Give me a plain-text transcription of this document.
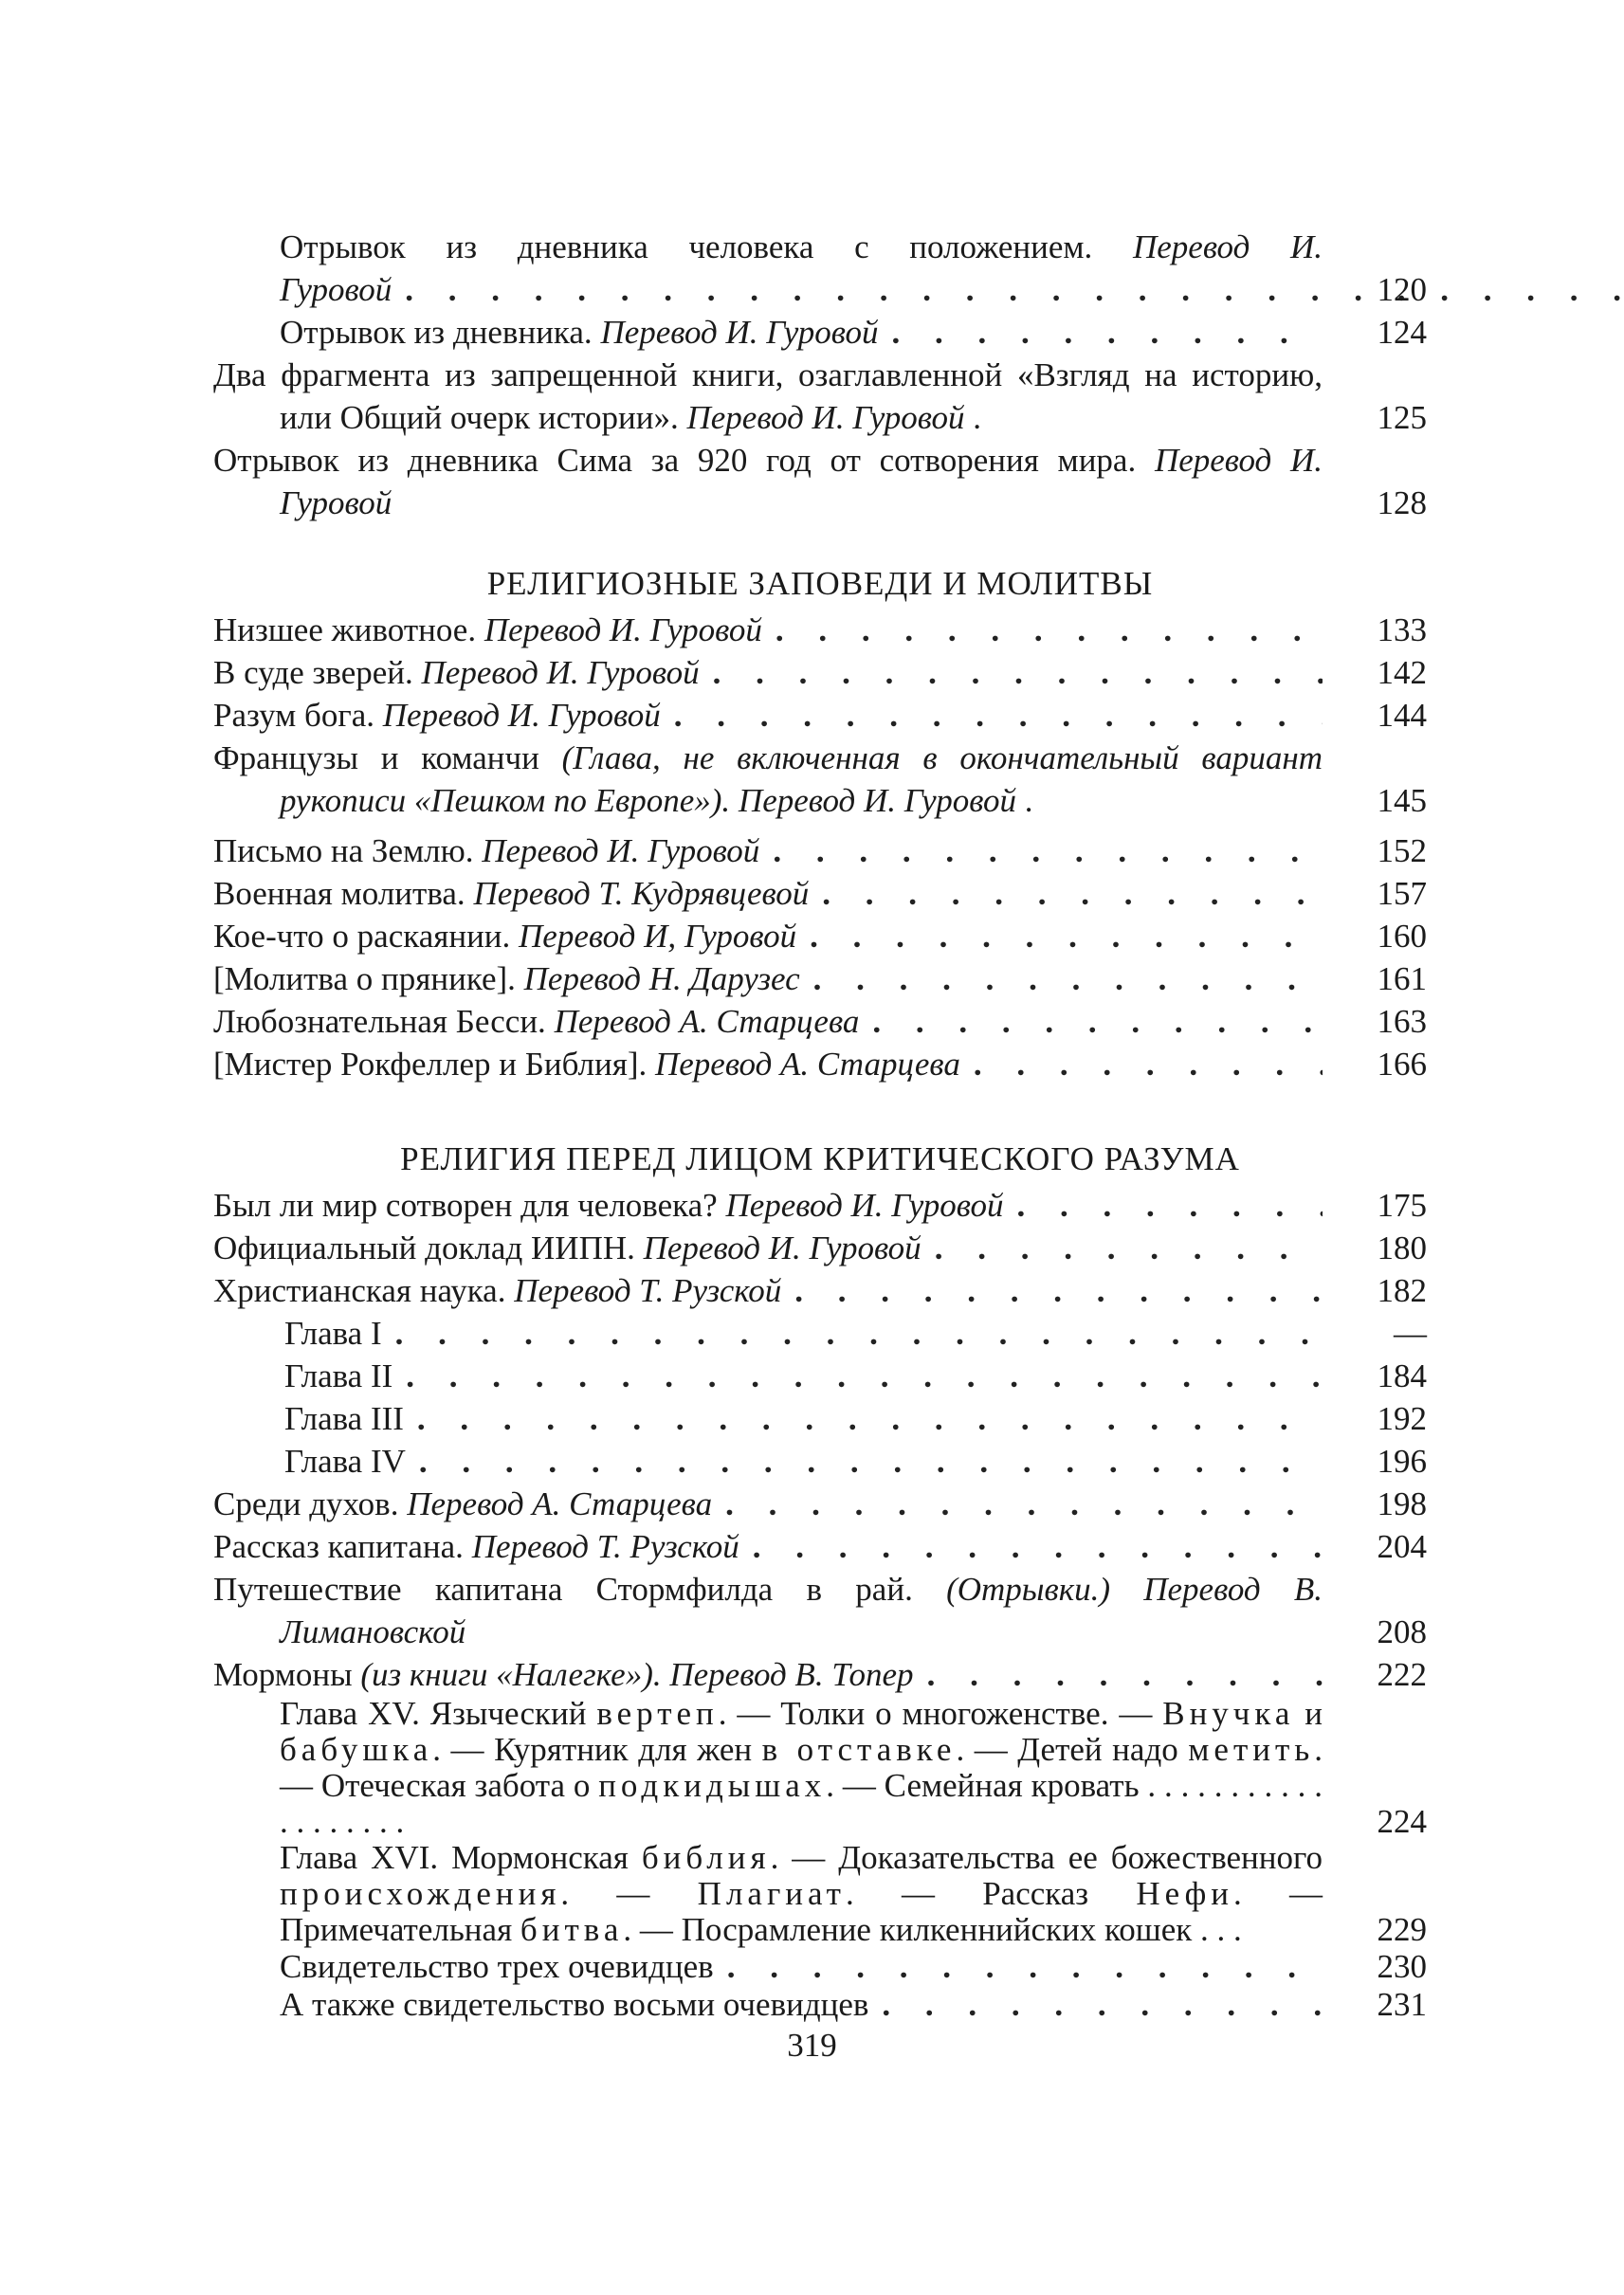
Отрывок из дневника человека с положением. Перевод И. Гуровой . . .	120
Отрывок из дневника. Перевод И. Гуровой . . .	124
Два фрагмента из запрещенной книги, озаглавленной «Взгляд на историю, или Общий очерк истории». Перевод И. Гуровой .	125
Отрывок из дневника Сима за 920 год от сотворения мира. Перевод И. Гуровой	128

РЕЛИГИОЗНЫЕ ЗАПОВЕДИ И МОЛИТВЫ

Низшее животное. Перевод И. Гуровой . . .	133
В суде зверей. Перевод И. Гуровой . . .	142
Разум бога. Перевод И. Гуровой . . .	144
Французы и команчи (Глава, не включенная в окончательный вариант рукописи «Пешком по Европе»). Перевод И. Гуровой .	145
Письмо на Землю. Перевод И. Гуровой . . .	152
Военная молитва. Перевод Т. Кудрявцевой . . .	157
Кое-что о раскаянии. Перевод И, Гуровой . . .	160
[Молитва о прянике]. Перевод Н. Дарузес . . .	161
Любознательная Бесси. Перевод А. Старцева . . .	163
[Мистер Рокфеллер и Библия]. Перевод А. Старцева . . .	166

РЕЛИГИЯ ПЕРЕД ЛИЦОМ КРИТИЧЕСКОГО РАЗУМА

Был ли мир сотворен для человека? Перевод И. Гуровой . . .	175
Официальный доклад ИИПН. Перевод И. Гуровой . . .	180
Христианская наука. Перевод Т. Рузской . . .	182
Глава I . . .	—
Глава II . . .	184
Глава III . . .	192
Глава IV . . .	196
Среди духов. Перевод А. Старцева . . .	198
Рассказ капитана. Перевод Т. Рузской . . .	204
Путешествие капитана Стормфилда в рай. (Отрывки.) Перевод В. Лимановской	208
Мормоны (из книги «Налегке»). Перевод В. Топер . . .	222
Глава XV. Языческий вертеп. — Толки о многоженстве. — Внучка и бабушка. — Курятник для жен в отставке. — Детей надо метить. — Отеческая забота о подкидышах. — Семейная кровать . . . . . . . . . . . . . . . . . . .	224
Глава XVI. Мормонская библия. — Доказательства ее божественного происхождения. — Плагиат. — Рассказ Нефи. — Примечательная битва. — Посрамление килкеннийских кошек . . .	229
Свидетельство трех очевидцев . . .	230
А также свидетельство восьми очевидцев . . .	231
319
